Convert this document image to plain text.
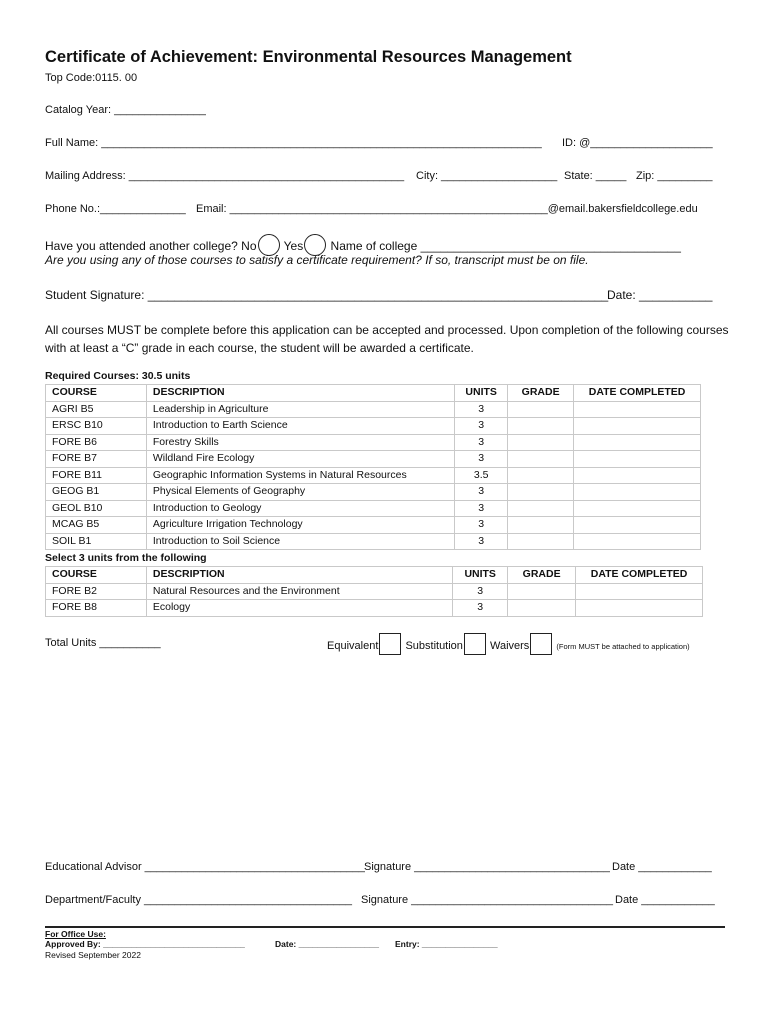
Certificate of Achievement: Environmental Resources Management
Top Code:0115. 00
Catalog Year: _______________
Full Name: ________________________________________________________________________ ID: @____________________
Mailing Address: _____________________________________________ City: ___________________ State: _____ Zip: _________
Phone No.:______________ Email: ____________________________________________________@email.bakersfieldcollege.edu
Have you attended another college? No Yes Name of college _______________________________________
Are you using any of those courses to satisfy a certificate requirement? If so, transcript must be on file.
Student Signature: _____________________________________________________________________
Date: ___________
All courses MUST be complete before this application can be accepted and processed. Upon completion of the following courses with at least a “C” grade in each course, the student will be awarded a certificate.
Required Courses: 30.5 units
COURSE	DESCRIPTION	UNITS	GRADE	DATE COMPLETED
AGRI B5	Leadership in Agriculture	3		
ERSC B10	Introduction to Earth Science	3		
FORE B6	Forestry Skills	3		
FORE B7	Wildland Fire Ecology	3		
FORE B11	Geographic Information Systems in Natural Resources	3.5		
GEOG B1	Physical Elements of Geography	3		
GEOL B10	Introduction to Geology	3		
MCAG B5	Agriculture Irrigation Technology	3		
SOIL B1	Introduction to Soil Science	3		
Select 3 units from the following
COURSE	DESCRIPTION	UNITS	GRADE	DATE COMPLETED
FORE B2	Natural Resources and the Environment	3		
FORE B8	Ecology	3		
Total Units __________	Equivalent Substitution Waivers	(Form MUST be attached to application)
Educational Advisor ____________________________________ Signature ________________________________ Date ____________
Department/Faculty __________________________________ Signature _________________________________ Date ____________
For Office Use:
Approved By: ______________________________	Date: _________________ Entry: ________________
Revised September 2022
